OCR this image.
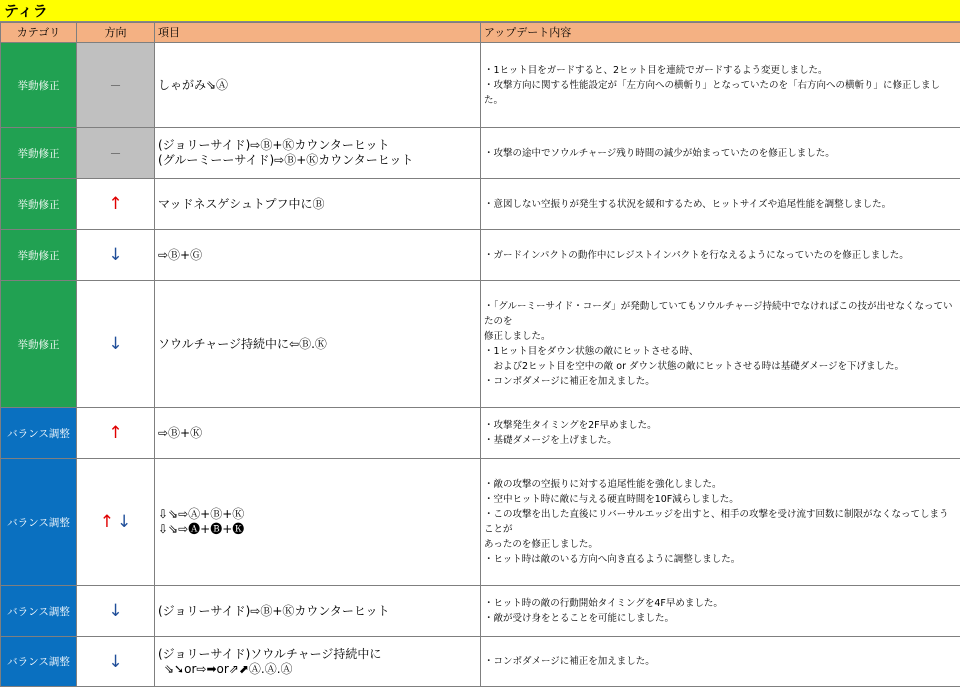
ティラ
カテゴリ	方向	項目	アップデート内容
挙動修正	－	しゃがみ⇘Ⓐ	・1ヒット目をガードすると、2ヒット目を連続でガードするよう変更しました。
・攻撃方向に関する性能設定が「左方向への横斬り」となっていたのを「右方向への横斬り」に修正しました。

挙動修正	－	(ジョリーサイド)⇨Ⓑ+Ⓚカウンターヒット
(グルーミーーサイド)⇨Ⓑ+Ⓚカウンターヒット	・攻撃の途中でソウルチャージ残り時間の減少が始まっていたのを修正しました。

挙動修正	↑	マッドネスゲシュトプフ中にⒷ	・意図しない空振りが発生する状況を緩和するため、ヒットサイズや追尾性能を調整しました。

挙動修正	↓	⇨Ⓑ+Ⓖ	・ガードインパクトの動作中にレジストインパクトを行なえるようになっていたのを修正しました。

挙動修正	↓	ソウルチャージ持続中に⇦Ⓑ.Ⓚ	・「グルーミーサイド・コーダ」が発動していてもソウルチャージ持続中でなければこの技が出せなくなっていたのを
修正しました。
・1ヒット目をダウン状態の敵にヒットさせる時、
　および2ヒット目を空中の敵 or ダウン状態の敵にヒットさせる時は基礎ダメージを下げました。
・コンボダメージに補正を加えました。

バランス調整	↑	⇨Ⓑ+Ⓚ	・攻撃発生タイミングを2F早めました。
・基礎ダメージを上げました。

バランス調整	↑ ↓	⇩⇘⇨Ⓐ+Ⓑ+Ⓚ
⇩⇘⇨🅐+🅑+🅚	・敵の攻撃の空振りに対する追尾性能を強化しました。
・空中ヒット時に敵に与える硬直時間を10F減らしました。
・この攻撃を出した直後にリバーサルエッジを出すと、相手の攻撃を受け流す回数に制限がなくなってしまうことが
あったのを修正しました。
・ヒット時は敵のいる方向へ向き直るように調整しました。

バランス調整	↓	(ジョリーサイド)⇨Ⓑ+Ⓚカウンターヒット	・ヒット時の敵の行動開始タイミングを4F早めました。
・敵が受け身をとることを可能にしました。

バランス調整	↓	(ジョリーサイド)ソウルチャージ持続中に
⇘➘or⇨➡or⇗⬈Ⓐ.Ⓐ.Ⓐ	・コンボダメージに補正を加えました。
